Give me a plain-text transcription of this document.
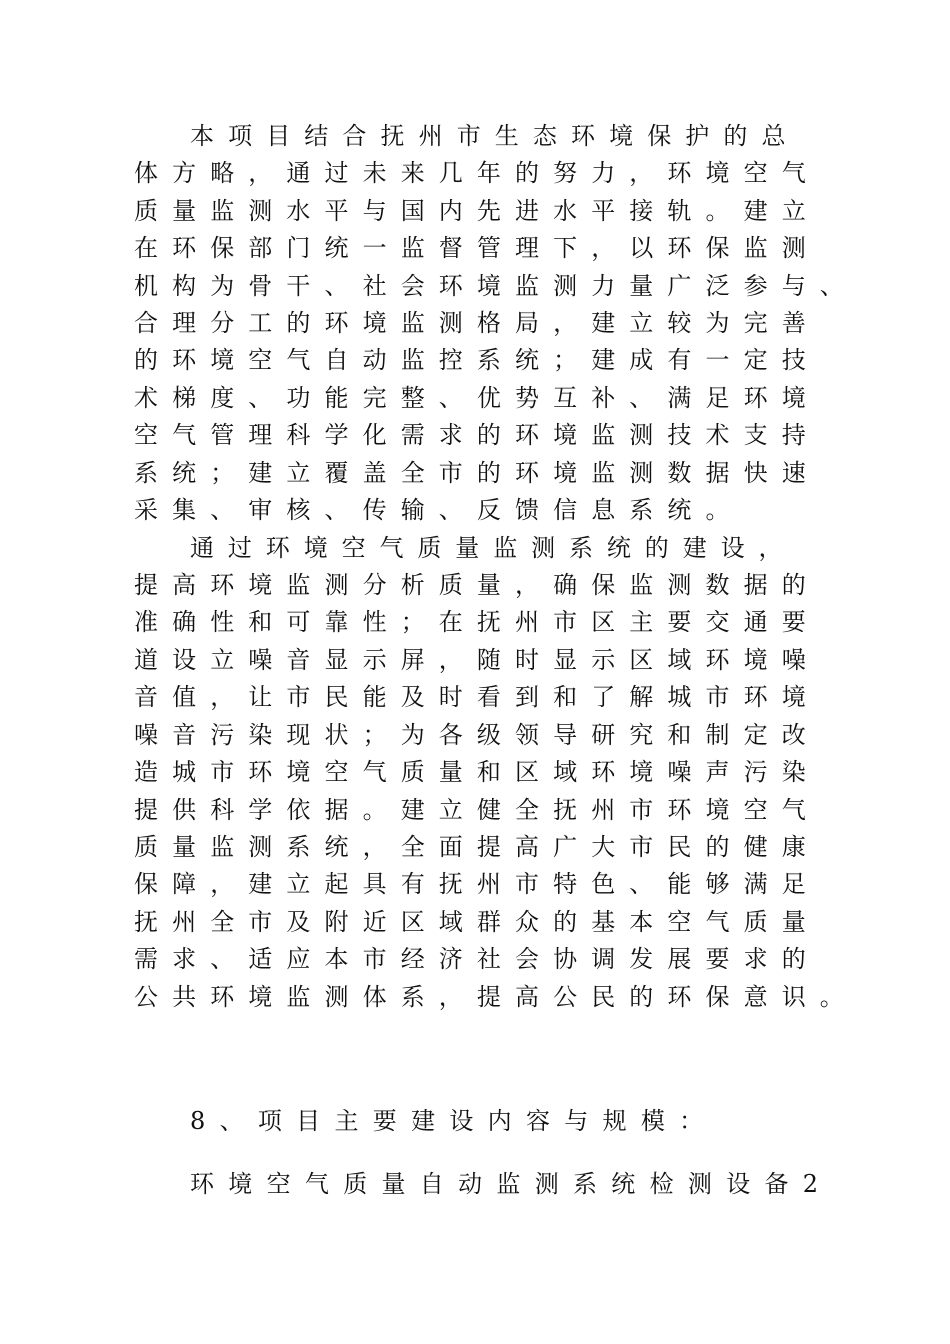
本项目结合抚州市生态环境保护的总
体方略，通过未来几年的努力，环境空气
质量监测水平与国内先进水平接轨。建立
在环保部门统一监督管理下，以环保监测
机构为骨干、社会环境监测力量广泛参与、
合理分工的环境监测格局，建立较为完善
的环境空气自动监控系统；建成有一定技
术梯度、功能完整、优势互补、满足环境
空气管理科学化需求的环境监测技术支持
系统；建立覆盖全市的环境监测数据快速
采集、审核、传输、反馈信息系统。
通过环境空气质量监测系统的建设，
提高环境监测分析质量，确保监测数据的
准确性和可靠性；在抚州市区主要交通要
道设立噪音显示屏，随时显示区域环境噪
音值，让市民能及时看到和了解城市环境
噪音污染现状；为各级领导研究和制定改
造城市环境空气质量和区域环境噪声污染
提供科学依据。建立健全抚州市环境空气
质量监测系统，全面提高广大市民的健康
保障，建立起具有抚州市特色、能够满足
抚州全市及附近区域群众的基本空气质量
需求、适应本市经济社会协调发展要求的
公共环境监测体系，提高公民的环保意识。
8、项目主要建设内容与规模：
环境空气质量自动监测系统检测设备2
